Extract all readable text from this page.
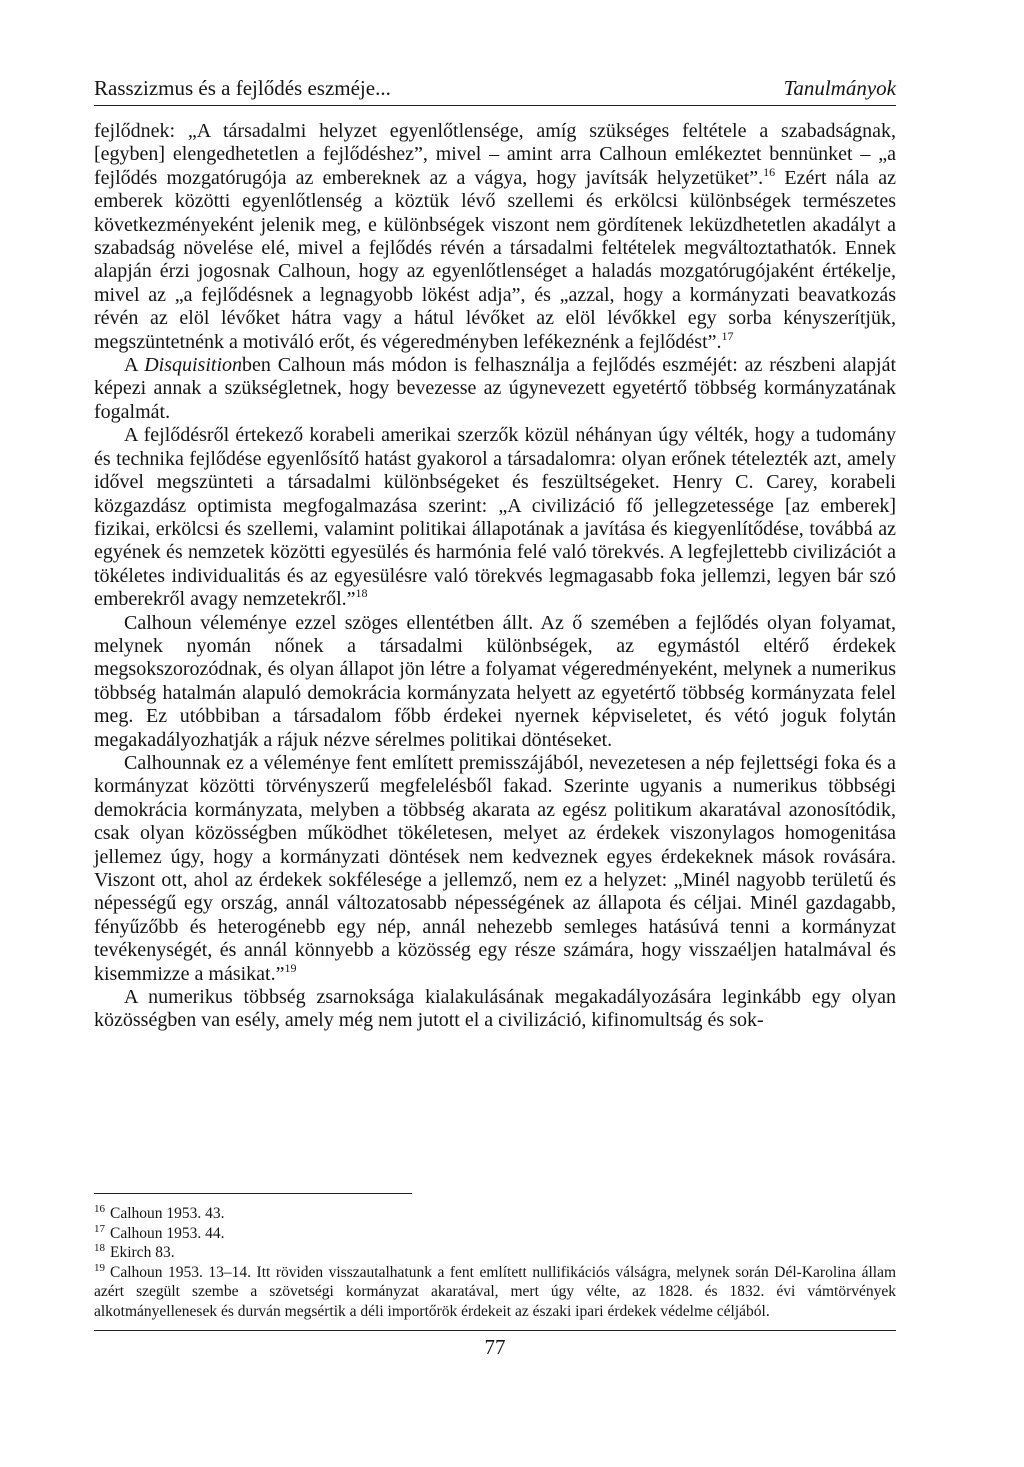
Rasszizmus és a fejlődés eszméje...	Tanulmányok

fejlődnek: „A társadalmi helyzet egyenlőtlensége, amíg szükséges feltétele a szabadságnak, [egyben] elengedhetetlen a fejlődéshez”, mivel – amint arra Calhoun emlékeztet bennünket – „a fejlődés mozgatórugója az embereknek az a vágya, hogy javítsák helyzetüket”.$^{16}$ Ezért nála az emberek közötti egyenlőtlenség a köztük lévő szellemi és erkölcsi különbségek természetes következményeként jelenik meg, e különbségek viszont nem gördítenek leküzdhetetlen akadályt a szabadság növelése elé, mivel a fejlődés révén a társadalmi feltételek megváltoztathatók. Ennek alapján érzi jogosnak Calhoun, hogy az egyenlőtlenséget a haladás mozgatórugójaként értékelje, mivel az „a fejlődésnek a legnagyobb lökést adja”, és „azzal, hogy a kormányzati beavatkozás révén az elöl lévőket hátra vagy a hátul lévőket az elöl lévőkkel egy sorba kényszerítjük, megszüntetnénk a motiváló erőt, és végeredményben lefékeznénk a fejlődést”.$^{17}$

A Disquisitionben Calhoun más módon is felhasználja a fejlődés eszméjét: az részbeni alapját képezi annak a szükségletnek, hogy bevezesse az úgynevezett egyetértő többség kormányzatának fogalmát.

A fejlődésről értekező korabeli amerikai szerzők közül néhányan úgy vélték, hogy a tudomány és technika fejlődése egyenlősítő hatást gyakorol a társadalomra: olyan erőnek tételezték azt, amely idővel megszünteti a társadalmi különbségeket és feszültségeket. Henry C. Carey, korabeli közgazdász optimista megfogalmazása szerint: „A civilizáció fő jellegzetessége [az emberek] fizikai, erkölcsi és szellemi, valamint politikai állapotának a javítása és kiegyenlítődése, továbbá az egyének és nemzetek közötti egyesülés és harmónia felé való törekvés. A legfejlettebb civilizációt a tökéletes individualitás és az egyesülésre való törekvés legmagasabb foka jellemzi, legyen bár szó emberekről avagy nemzetekről.”$^{18}$

Calhoun véleménye ezzel szöges ellentétben állt. Az ő szemében a fejlődés olyan folyamat, melynek nyomán nőnek a társadalmi különbségek, az egymástól eltérő érdekek megsokszorozódnak, és olyan állapot jön létre a folyamat végeredményeként, melynek a numerikus többség hatalmán alapuló demokrácia kormányzata helyett az egyetértő többség kormányzata felel meg. Ez utóbbiban a társadalom főbb érdekei nyernek képviseletet, és vétó joguk folytán megakadályozhatják a rájuk nézve sérelmes politikai döntéseket.

Calhounnak ez a véleménye fent említett premisszájából, nevezetesen a nép fejlettségi foka és a kormányzat közötti törvényszerű megfelelésből fakad. Szerinte ugyanis a numerikus többségi demokrácia kormányzata, melyben a többség akarata az egész politikum akaratával azonosítódik, csak olyan közösségben működhet tökéletesen, melyet az érdekek viszonylagos homogenitása jellemez úgy, hogy a kormányzati döntések nem kedveznek egyes érdekeknek mások rovására. Viszont ott, ahol az érdekek sokfélesége a jellemző, nem ez a helyzet: „Minél nagyobb területű és népességű egy ország, annál változatosabb népességének az állapota és céljai. Minél gazdagabb, fényűzőbb és heterogénebb egy nép, annál nehezebb semleges hatásúvá tenni a kormányzat tevékenységét, és annál könnyebb a közösség egy része számára, hogy visszaéljen hatalmával és kisemmizze a másikat.”$^{19}$

A numerikus többség zsarnoksága kialakulásának megakadályozására leginkább egy olyan közösségben van esély, amely még nem jutott el a civilizáció, kifinomultság és sok-

$^{16}$ Calhoun 1953. 43.

$^{17}$ Calhoun 1953. 44.

$^{18}$ Ekirch 83.

$^{19}$ Calhoun 1953. 13–14. Itt röviden visszautalhatunk a fent említett nullifikációs válságra, melynek során Dél-Karolina állam azért szegült szembe a szövetségi kormányzat akaratával, mert úgy vélte, az 1828. és 1832. évi vámtörvények alkotmányellenesek és durván megsértik a déli importőrök érdekeit az északi ipari érdekek védelme céljából.

77
